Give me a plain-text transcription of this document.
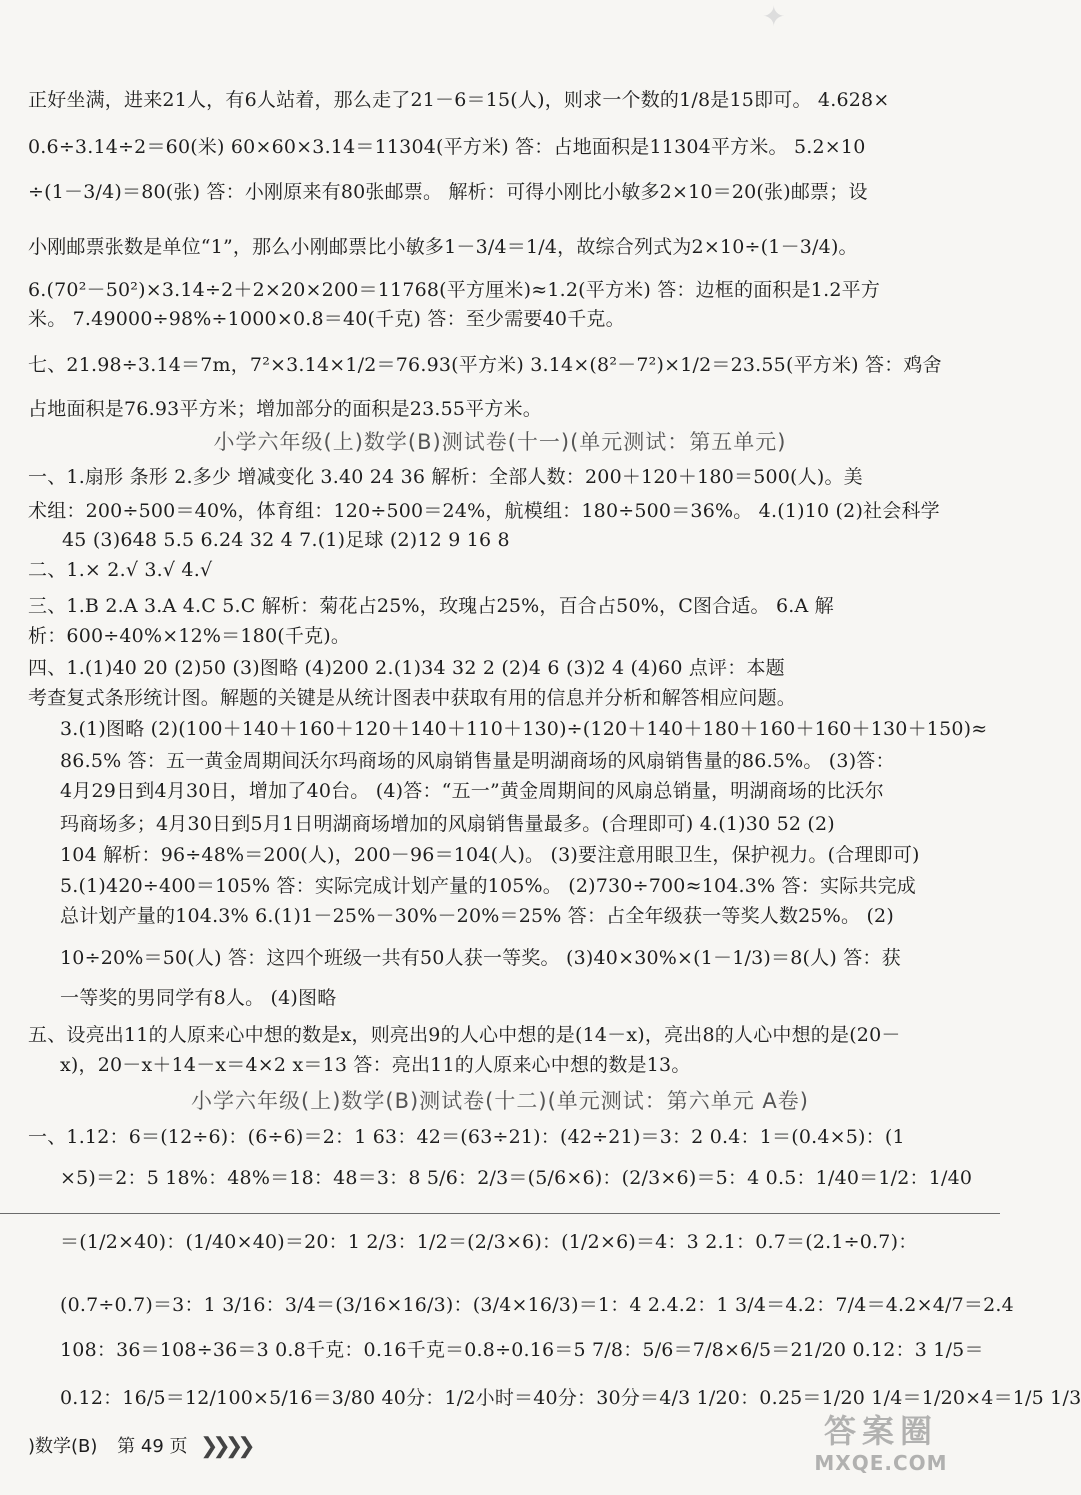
✦
正好坐满，进来21人，有6人站着，那么走了21－6＝15(人)，则求一个数的1/8是15即可。 4.628×
0.6÷3.14÷2＝60(米) 60×60×3.14＝11304(平方米) 答：占地面积是11304平方米。 5.2×10
÷(1－3/4)＝80(张) 答：小刚原来有80张邮票。 解析：可得小刚比小敏多2×10＝20(张)邮票；设
小刚邮票张数是单位“1”，那么小刚邮票比小敏多1－3/4＝1/4，故综合列式为2×10÷(1－3/4)。
6.(70²－50²)×3.14÷2＋2×20×200＝11768(平方厘米)≈1.2(平方米) 答：边框的面积是1.2平方
米。 7.49000÷98%÷1000×0.8＝40(千克) 答：至少需要40千克。
七、21.98÷3.14＝7m，7²×3.14×1/2＝76.93(平方米) 3.14×(8²－7²)×1/2＝23.55(平方米) 答：鸡舍
占地面积是76.93平方米；增加部分的面积是23.55平方米。
小学六年级(上)数学(B)测试卷(十一)(单元测试：第五单元)
一、1.扇形 条形 2.多少 增减变化 3.40 24 36 解析：全部人数：200＋120＋180＝500(人)。美
术组：200÷500＝40%，体育组：120÷500＝24%，航模组：180÷500＝36%。 4.(1)10 (2)社会科学
45 (3)648 5.5 6.24 32 4 7.(1)足球 (2)12 9 16 8
二、1.× 2.√ 3.√ 4.√
三、1.B 2.A 3.A 4.C 5.C 解析：菊花占25%，玫瑰占25%，百合占50%，C图合适。 6.A 解
析：600÷40%×12%＝180(千克)。
四、1.(1)40 20 (2)50 (3)图略 (4)200 2.(1)34 32 2 (2)4 6 (3)2 4 (4)60 点评：本题
考查复式条形统计图。解题的关键是从统计图表中获取有用的信息并分析和解答相应问题。
3.(1)图略 (2)(100＋140＋160＋120＋140＋110＋130)÷(120＋140＋180＋160＋160＋130＋150)≈
86.5% 答：五一黄金周期间沃尔玛商场的风扇销售量是明湖商场的风扇销售量的86.5%。 (3)答：
4月29日到4月30日，增加了40台。 (4)答：“五一”黄金周期间的风扇总销量，明湖商场的比沃尔
玛商场多；4月30日到5月1日明湖商场增加的风扇销售量最多。(合理即可) 4.(1)30 52 (2)
104 解析：96÷48%＝200(人)，200－96＝104(人)。 (3)要注意用眼卫生，保护视力。(合理即可)
5.(1)420÷400＝105% 答：实际完成计划产量的105%。 (2)730÷700≈104.3% 答：实际共完成
总计划产量的104.3% 6.(1)1－25%－30%－20%＝25% 答：占全年级获一等奖人数25%。 (2)
10÷20%＝50(人) 答：这四个班级一共有50人获一等奖。 (3)40×30%×(1－1/3)＝8(人) 答：获
一等奖的男同学有8人。 (4)图略
五、设亮出11的人原来心中想的数是x，则亮出9的人心中想的是(14－x)，亮出8的人心中想的是(20－
x)，20－x＋14－x＝4×2 x＝13 答：亮出11的人原来心中想的数是13。
小学六年级(上)数学(B)测试卷(十二)(单元测试：第六单元 A卷)
一、1.12：6＝(12÷6)：(6÷6)＝2：1 63：42＝(63÷21)：(42÷21)＝3：2 0.4：1＝(0.4×5)：(1
×5)＝2：5 18%：48%＝18：48＝3：8 5/6：2/3＝(5/6×6)：(2/3×6)＝5：4 0.5：1/40＝1/2：1/40
＝(1/2×40)：(1/40×40)＝20：1 2/3：1/2＝(2/3×6)：(1/2×6)＝4：3 2.1：0.7＝(2.1÷0.7)：
(0.7÷0.7)＝3：1 3/16：3/4＝(3/16×16/3)：(3/4×16/3)＝1：4 2.4.2：1 3/4＝4.2：7/4＝4.2×4/7＝2.4
108：36＝108÷36＝3 0.8千克：0.16千克＝0.8÷0.16＝5 7/8：5/6＝7/8×6/5＝21/20 0.12：3 1/5＝
0.12：16/5＝12/100×5/16＝3/80 40分：1/2小时＝40分：30分＝4/3 1/20：0.25＝1/20 1/4＝1/20×4＝1/5 1/3
)数学(B) 第 49 页 ❯❯❯❯	答案圈
MXQE.COM
